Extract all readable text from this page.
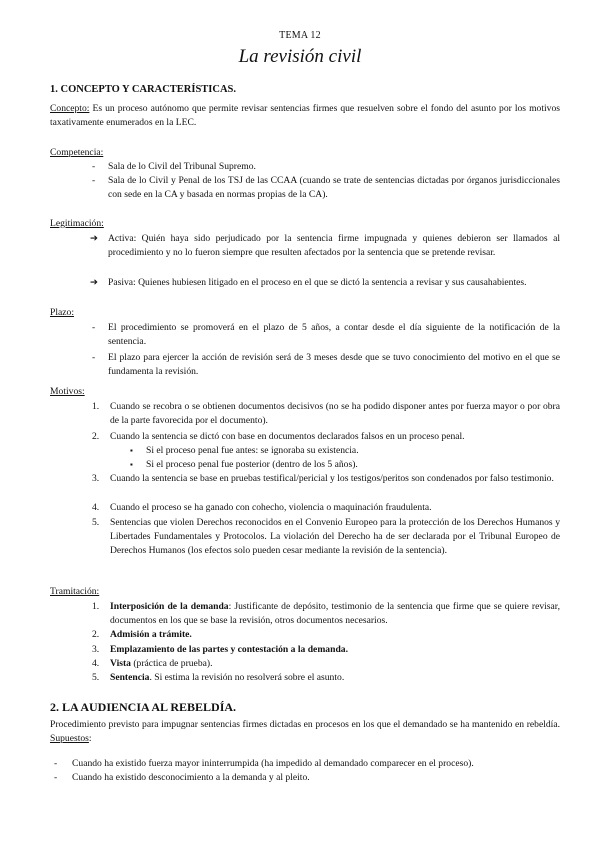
TEMA 12
La revisión civil
1. CONCEPTO Y CARACTERÍSTICAS.
Concepto: Es un proceso autónomo que permite revisar sentencias firmes que resuelven sobre el fondo del asunto por los motivos taxativamente enumerados en la LEC.
Competencia:
- Sala de lo Civil del Tribunal Supremo.
- Sala de lo Civil y Penal de los TSJ de las CCAA (cuando se trate de sentencias dictadas por órganos jurisdiccionales con sede en la CA y basada en normas propias de la CA).
Legitimación:
➔ Activa: Quién haya sido perjudicado por la sentencia firme impugnada y quienes debieron ser llamados al procedimiento y no lo fueron siempre que resulten afectados por la sentencia que se pretende revisar.
➔ Pasiva: Quienes hubiesen litigado en el proceso en el que se dictó la sentencia a revisar y sus causahabientes.
Plazo:
- El procedimiento se promoverá en el plazo de 5 años, a contar desde el día siguiente de la notificación de la sentencia.
- El plazo para ejercer la acción de revisión será de 3 meses desde que se tuvo conocimiento del motivo en el que se fundamenta la revisión.
Motivos:
1. Cuando se recobra o se obtienen documentos decisivos (no se ha podido disponer antes por fuerza mayor o por obra de la parte favorecida por el documento).
2. Cuando la sentencia se dictó con base en documentos declarados falsos en un proceso penal.
▪ Si el proceso penal fue antes: se ignoraba su existencia.
▪ Si el proceso penal fue posterior (dentro de los 5 años).
3. Cuando la sentencia se base en pruebas testifical/pericial y los testigos/peritos son condenados por falso testimonio.
4. Cuando el proceso se ha ganado con cohecho, violencia o maquinación fraudulenta.
5. Sentencias que violen Derechos reconocidos en el Convenio Europeo para la protección de los Derechos Humanos y Libertades Fundamentales y Protocolos. La violación del Derecho ha de ser declarada por el Tribunal Europeo de Derechos Humanos (los efectos solo pueden cesar mediante la revisión de la sentencia).
Tramitación:
1. Interposición de la demanda: Justificante de depósito, testimonio de la sentencia que firme que se quiere revisar, documentos en los que se base la revisión, otros documentos necesarios.
2. Admisión a trámite.
3. Emplazamiento de las partes y contestación a la demanda.
4. Vista (práctica de prueba).
5. Sentencia. Si estima la revisión no resolverá sobre el asunto.
2. LA AUDIENCIA AL REBELDÍA.
Procedimiento previsto para impugnar sentencias firmes dictadas en procesos en los que el demandado se ha mantenido en rebeldía. Supuestos:
- Cuando ha existido fuerza mayor ininterrumpida (ha impedido al demandado comparecer en el proceso).
- Cuando ha existido desconocimiento a la demanda y al pleito.
